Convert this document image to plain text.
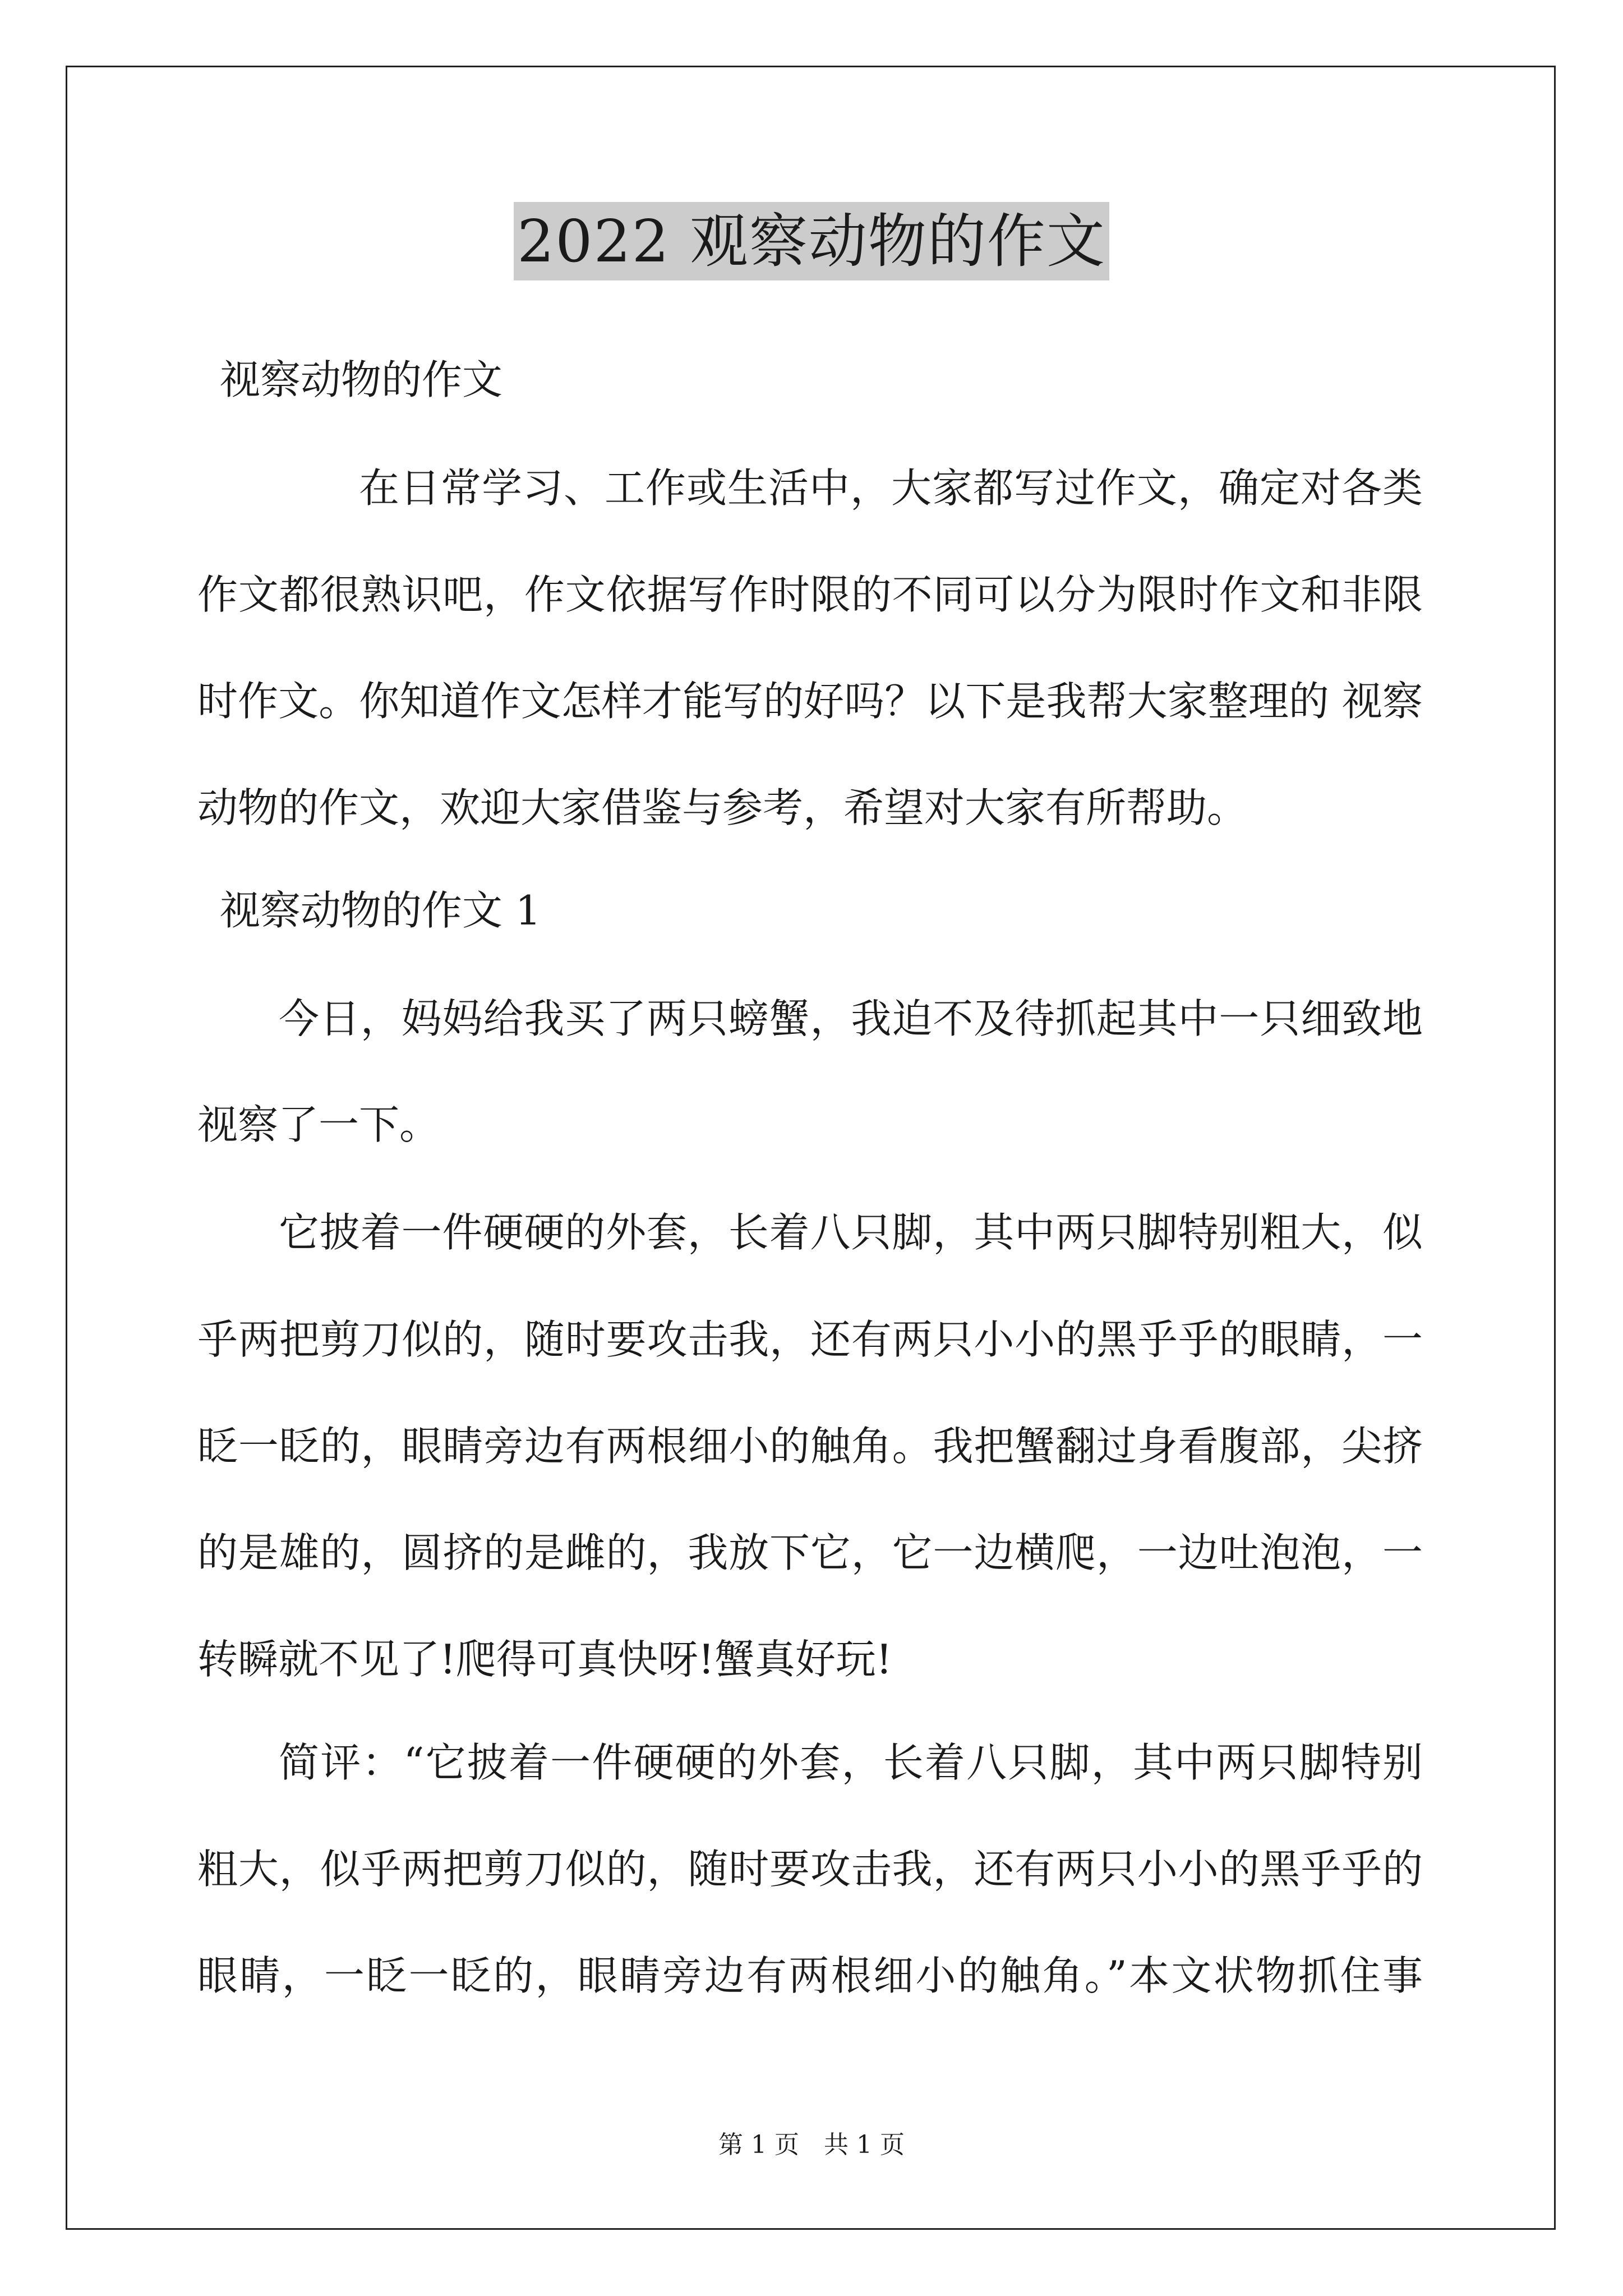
2022 观察动物的作文
视察动物的作文
在日常学习、工作或生活中，大家都写过作文，确定对各类
作文都很熟识吧，作文依据写作时限的不同可以分为限时作文和非限
时作文。你知道作文怎样才能写的好吗？以下是我帮大家整理的 视察
动物的作文，欢迎大家借鉴与参考，希望对大家有所帮助。
视察动物的作文 1
今日，妈妈给我买了两只螃蟹，我迫不及待抓起其中一只细致地
视察了一下。
它披着一件硬硬的外套，长着八只脚，其中两只脚特别粗大，似
乎两把剪刀似的，随时要攻击我，还有两只小小的黑乎乎的眼睛，一
眨一眨的，眼睛旁边有两根细小的触角。我把蟹翻过身看腹部，尖挤
的是雄的，圆挤的是雌的，我放下它，它一边横爬，一边吐泡泡，一
转瞬就不见了!爬得可真快呀!蟹真好玩!
简评：“它披着一件硬硬的外套，长着八只脚，其中两只脚特别
粗大，似乎两把剪刀似的，随时要攻击我，还有两只小小的黑乎乎的
眼睛，一眨一眨的，眼睛旁边有两根细小的触角。”本文状物抓住事
第 1 页　共 1 页
